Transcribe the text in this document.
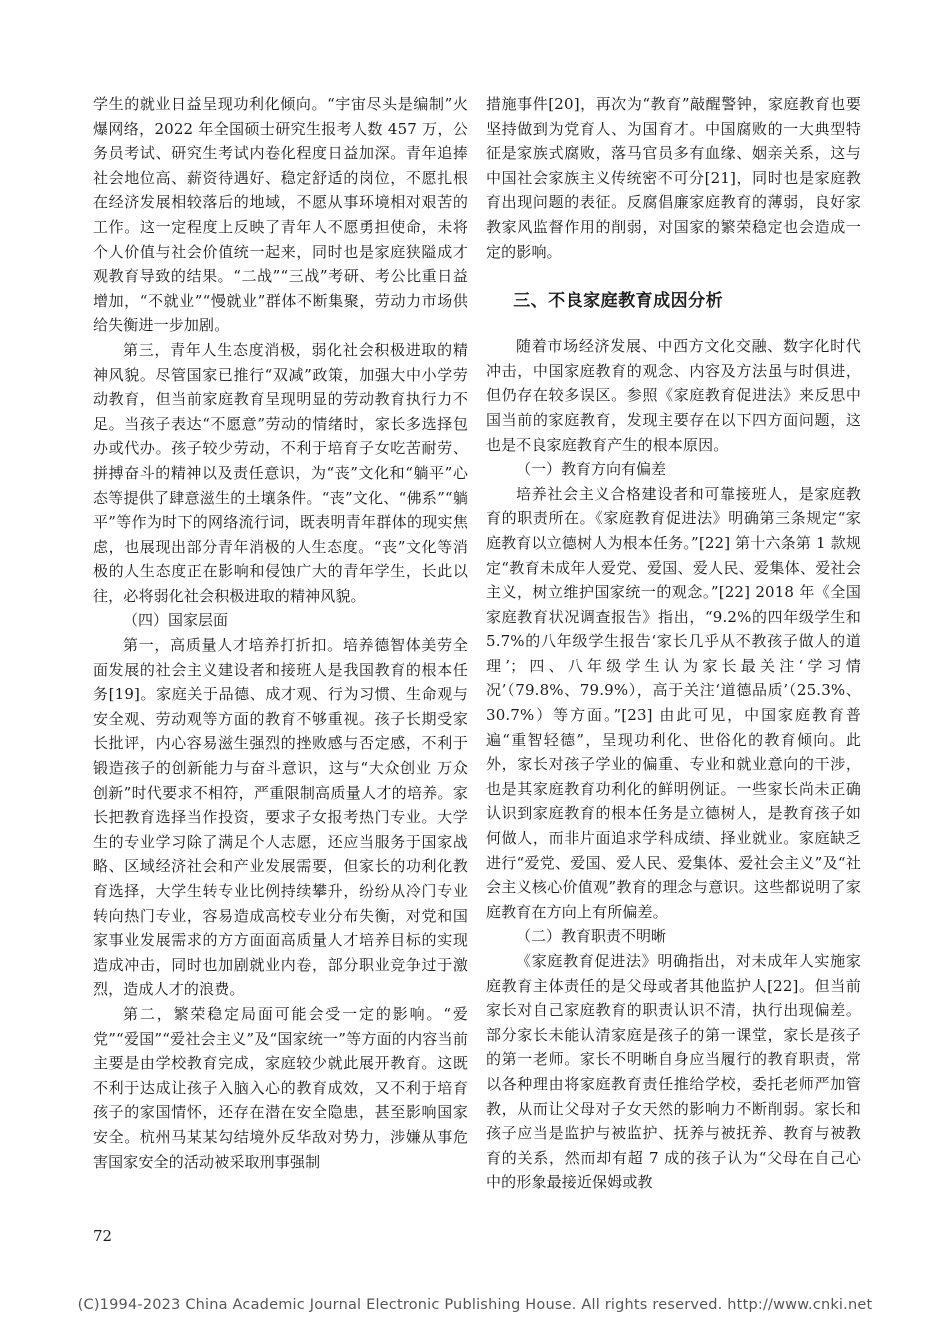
学生的就业日益呈现功利化倾向。“宇宙尽头是编制”火爆网络，2022 年全国硕士研究生报考人数 457 万，公务员考试、研究生考试内卷化程度日益加深。青年追捧社会地位高、薪资待遇好、稳定舒适的岗位，不愿扎根在经济发展相较落后的地域，不愿从事环境相对艰苦的工作。这一定程度上反映了青年人不愿勇担使命，未将个人价值与社会价值统一起来，同时也是家庭狭隘成才观教育导致的结果。“二战”“三战”考研、考公比重日益增加，“不就业”“慢就业”群体不断集聚，劳动力市场供给失衡进一步加剧。

第三，青年人生态度消极，弱化社会积极进取的精神风貌。尽管国家已推行“双减”政策，加强大中小学劳动教育，但当前家庭教育呈现明显的劳动教育执行力不足。当孩子表达“不愿意”劳动的情绪时，家长多选择包办或代办。孩子较少劳动，不利于培育子女吃苦耐劳、拼搏奋斗的精神以及责任意识，为“丧”文化和“躺平”心态等提供了肆意滋生的土壤条件。“丧”文化、“佛系”“躺平”等作为时下的网络流行词，既表明青年群体的现实焦虑，也展现出部分青年消极的人生态度。“丧”文化等消极的人生态度正在影响和侵蚀广大的青年学生，长此以往，必将弱化社会积极进取的精神风貌。

（四）国家层面

第一，高质量人才培养打折扣。培养德智体美劳全面发展的社会主义建设者和接班人是我国教育的根本任务[19]。家庭关于品德、成才观、行为习惯、生命观与安全观、劳动观等方面的教育不够重视。孩子长期受家长批评，内心容易滋生强烈的挫败感与否定感，不利于锻造孩子的创新能力与奋斗意识，这与“大众创业 万众创新”时代要求不相符，严重限制高质量人才的培养。家长把教育选择当作投资，要求子女报考热门专业。大学生的专业学习除了满足个人志愿，还应当服务于国家战略、区域经济社会和产业发展需要，但家长的功利化教育选择，大学生转专业比例持续攀升，纷纷从冷门专业转向热门专业，容易造成高校专业分布失衡，对党和国家事业发展需求的方方面面高质量人才培养目标的实现造成冲击，同时也加剧就业内卷，部分职业竞争过于激烈，造成人才的浪费。

第二，繁荣稳定局面可能会受一定的影响。“爱党”“爱国”“爱社会主义”及“国家统一”等方面的内容当前主要是由学校教育完成，家庭较少就此展开教育。这既不利于达成让孩子入脑入心的教育成效，又不利于培育孩子的家国情怀，还存在潜在安全隐患，甚至影响国家安全。杭州马某某勾结境外反华敌对势力，涉嫌从事危害国家安全的活动被采取刑事强制

措施事件[20]，再次为“教育”敲醒警钟，家庭教育也要坚持做到为党育人、为国育才。中国腐败的一大典型特征是家族式腐败，落马官员多有血缘、姻亲关系，这与中国社会家族主义传统密不可分[21]，同时也是家庭教育出现问题的表征。反腐倡廉家庭教育的薄弱，良好家教家风监督作用的削弱，对国家的繁荣稳定也会造成一定的影响。

三、不良家庭教育成因分析

随着市场经济发展、中西方文化交融、数字化时代冲击，中国家庭教育的观念、内容及方法虽与时俱进，但仍存在较多误区。参照《家庭教育促进法》来反思中国当前的家庭教育，发现主要存在以下四方面问题，这也是不良家庭教育产生的根本原因。

（一）教育方向有偏差

培养社会主义合格建设者和可靠接班人，是家庭教育的职责所在。《家庭教育促进法》明确第三条规定“家庭教育以立德树人为根本任务。”[22] 第十六条第 1 款规定“教育未成年人爱党、爱国、爱人民、爱集体、爱社会主义，树立维护国家统一的观念。”[22] 2018 年《全国家庭教育状况调查报告》指出，“9.2%的四年级学生和 5.7%的八年级学生报告‘家长几乎从不教孩子做人的道理’；四、八年级学生认为家长最关注‘学习情况’（79.8%、79.9%），高于关注‘道德品质’（25.3%、30.7%）等方面。”[23] 由此可见，中国家庭教育普遍“重智轻德”，呈现功利化、世俗化的教育倾向。此外，家长对孩子学业的偏重、专业和就业意向的干涉，也是其家庭教育功利化的鲜明例证。一些家长尚未正确认识到家庭教育的根本任务是立德树人，是教育孩子如何做人，而非片面追求学科成绩、择业就业。家庭缺乏进行“爱党、爱国、爱人民、爱集体、爱社会主义”及“社会主义核心价值观”教育的理念与意识。这些都说明了家庭教育在方向上有所偏差。

（二）教育职责不明晰

《家庭教育促进法》明确指出，对未成年人实施家庭教育主体责任的是父母或者其他监护人[22]。但当前家长对自己家庭教育的职责认识不清，执行出现偏差。部分家长未能认清家庭是孩子的第一课堂，家长是孩子的第一老师。家长不明晰自身应当履行的教育职责，常以各种理由将家庭教育责任推给学校，委托老师严加管教，从而让父母对子女天然的影响力不断削弱。家长和孩子应当是监护与被监护、抚养与被抚养、教育与被教育的关系，然而却有超 7 成的孩子认为“父母在自己心中的形象最接近保姆或教

72
(C)1994-2023 China Academic Journal Electronic Publishing House. All rights reserved. http://www.cnki.net
